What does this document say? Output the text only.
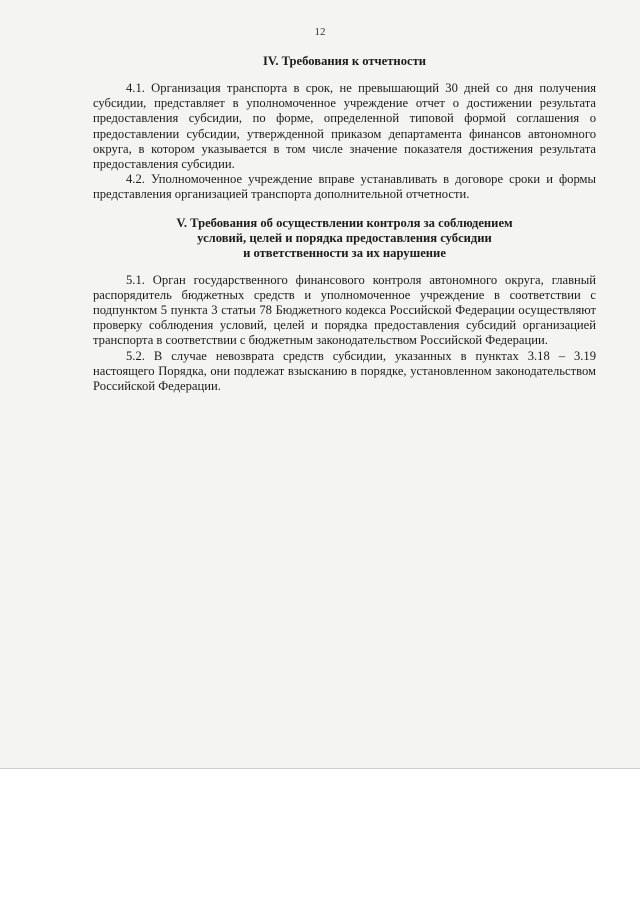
12
IV. Требования к отчетности

4.1. Организация транспорта в срок, не превышающий 30 дней со дня получения субсидии, представляет в уполномоченное учреждение отчет о достижении результата предоставления субсидии, по форме, определенной типовой формой соглашения о предоставлении субсидии, утвержденной приказом департамента финансов автономного округа, в котором указывается в том числе значение показателя достижения результата предоставления субсидии.

4.2. Уполномоченное учреждение вправе устанавливать в договоре сроки и формы представления организацией транспорта дополнительной отчетности.

V. Требования об осуществлении контроля за соблюдением
условий, целей и порядка предоставления субсидии
и ответственности за их нарушение

5.1. Орган государственного финансового контроля автономного округа, главный распорядитель бюджетных средств и уполномоченное учреждение в соответствии с подпунктом 5 пункта 3 статьи 78 Бюджетного кодекса Российской Федерации осуществляют проверку соблюдения условий, целей и порядка предоставления субсидий организацией транспорта в соответствии с бюджетным законодательством Российской Федерации.

5.2. В случае невозврата средств субсидии, указанных в пунктах 3.18 – 3.19 настоящего Порядка, они подлежат взысканию в порядке, установленном законодательством Российской Федерации.
